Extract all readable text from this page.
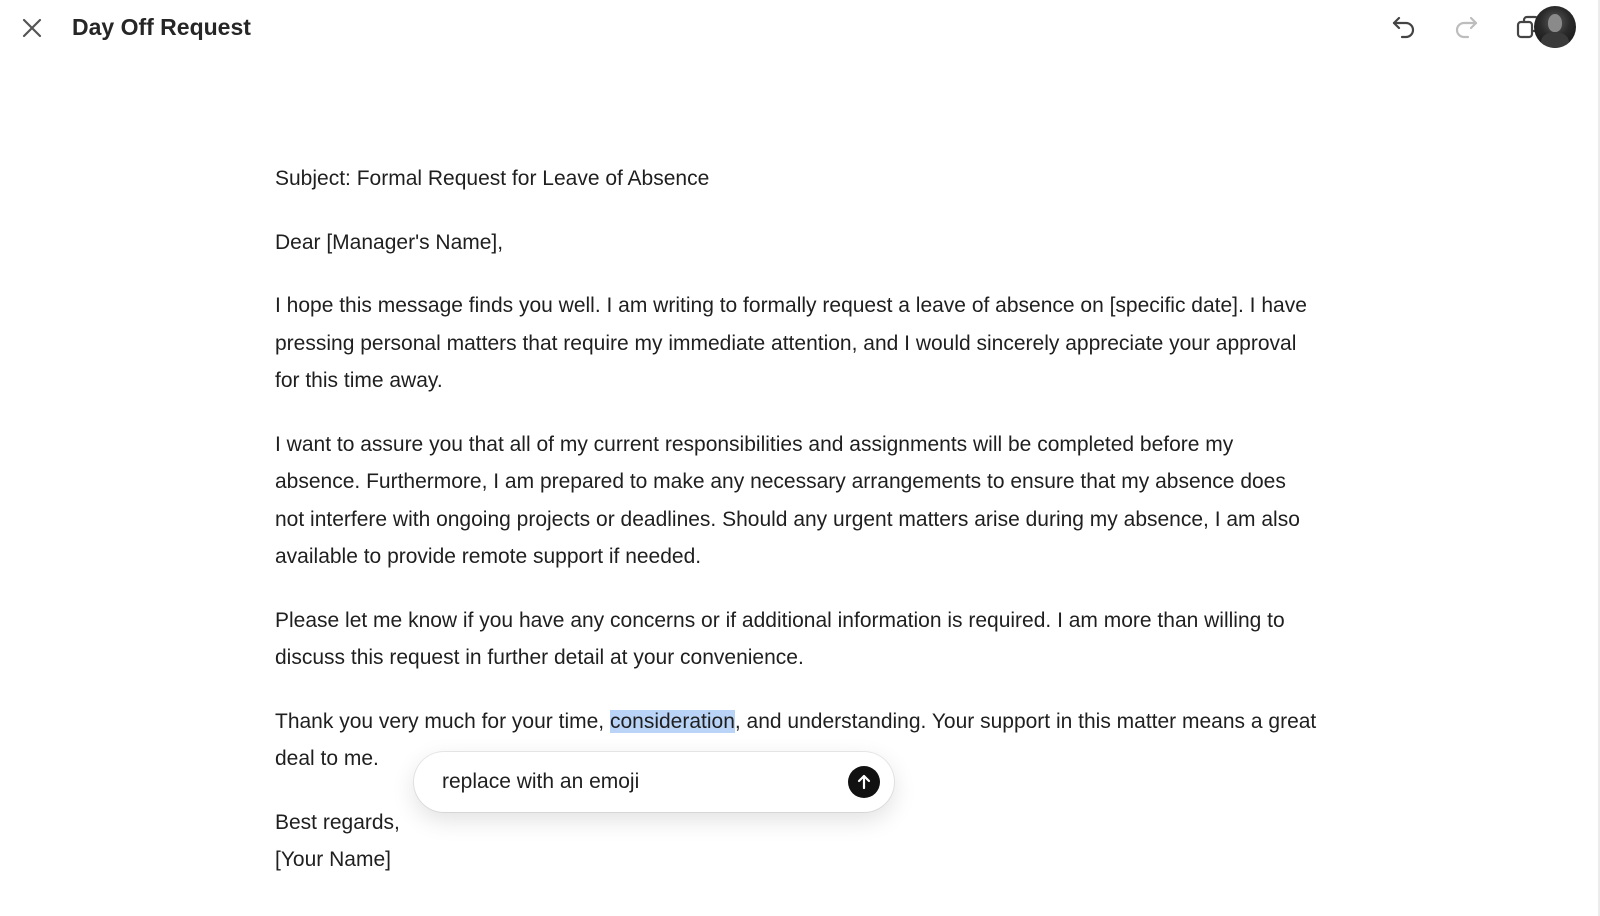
Day Off Request

Subject: Formal Request for Leave of Absence

Dear [Manager's Name],

I hope this message finds you well. I am writing to formally request a leave of absence on [specific date]. I have pressing personal matters that require my immediate attention, and I would sincerely appreciate your approval for this time away.

I want to assure you that all of my current responsibilities and assignments will be completed before my absence. Furthermore, I am prepared to make any necessary arrangements to ensure that my absence does not interfere with ongoing projects or deadlines. Should any urgent matters arise during my absence, I am also available to provide remote support if needed.

Please let me know if you have any concerns or if additional information is required. I am more than willing to discuss this request in further detail at your convenience.

Thank you very much for your time, consideration, and understanding. Your support in this matter means a great deal to me.

Best regards,
[Your Name]

replace with an emoji
